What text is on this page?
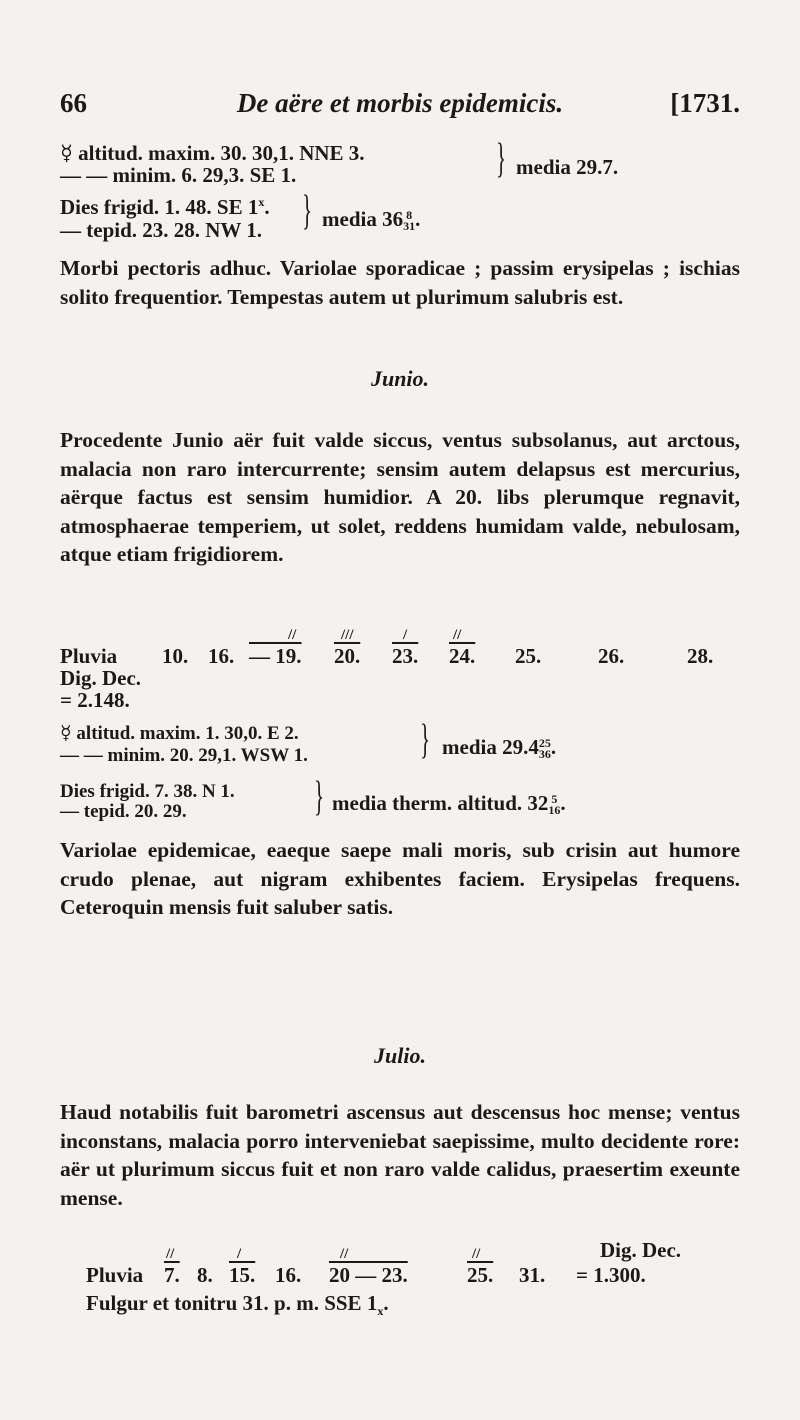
66	De aëre et morbis epidemicis.	[1731.
☿ altitud. maxim. 30. 30,1. NNE 3.
— — minim. 6. 29,3. SE 1.	} media 29.7.
Dies frigid. 1. 48. SE 1$^x$.
— tepid. 23. 28. NW 1. } media 36 8
31 .
Morbi pectoris adhuc. Variolae sporadicae ; passim erysipelas ; ischias solito frequentior. Tempestas autem ut plurimum salubris est.
Junio.
Procedente Junio aër fuit valde siccus, ventus subsolanus, aut arctous, malacia non raro intercurrente; sensim autem delapsus est mercurius, aërque factus est sensim humidior. A 20. libs plerumque regnavit, atmosphaerae temperiem, ut solet, reddens humidam valde, nebulosam, atque etiam frigidiorem.
//	///	/	//
Pluvia 10. 16. — 19. 20. 23. 24. 25.	26.	28.
Dig. Dec.
= 2.148.
☿ altitud. maxim. 1. 30,0. E 2.
— — minim. 20. 29,1. WSW 1.	} media 29.4 25
36 .
Dies frigid. 7. 38. N 1.
— tepid. 20. 29.	} media therm. altitud. 32 5
16 .
Variolae epidemicae, eaeque saepe mali moris, sub crisin aut humore crudo plenae, aut nigram exhibentes faciem. Erysipelas frequens. Ceteroquin mensis fuit saluber satis.
Julio.
Haud notabilis fuit barometri ascensus aut descensus hoc mense; ventus inconstans, malacia porro interveniebat saepissime, multo decidente rore: aër ut plurimum siccus fuit et non raro valde calidus, praesertim exeunte mense.
Dig. Dec.
//	/	//	//
Pluvia 7. 8. 15. 16. 20 — 23.	25. 31. = 1.300.
Fulgur et tonitru 31. p. m. SSE $1_x$.
